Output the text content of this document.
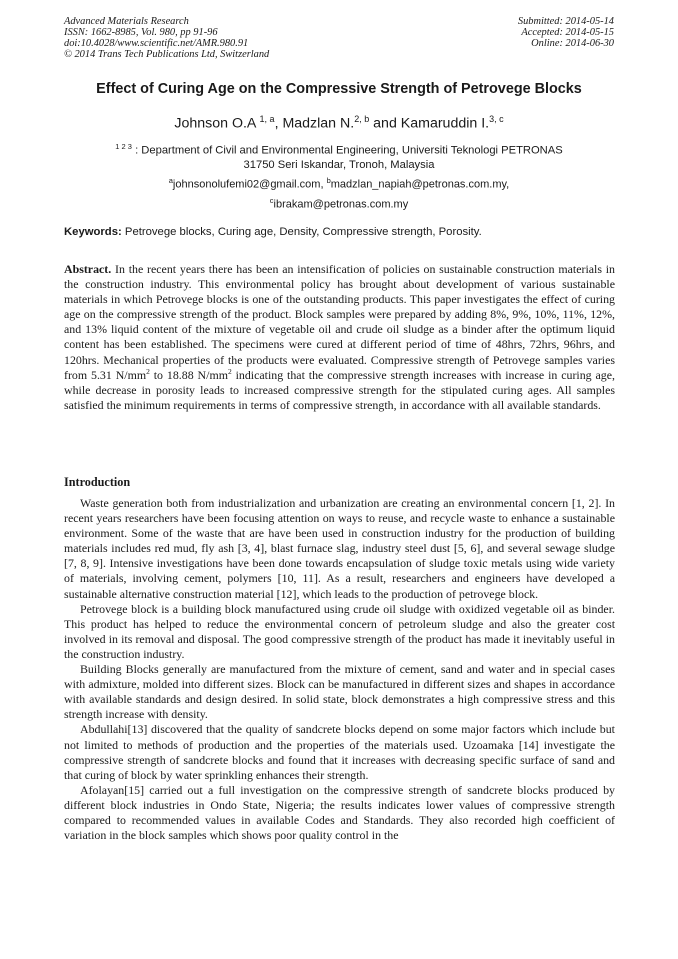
Advanced Materials Research
ISSN: 1662-8985, Vol. 980, pp 91-96
doi:10.4028/www.scientific.net/AMR.980.91
© 2014 Trans Tech Publications Ltd, Switzerland
Submitted: 2014-05-14
Accepted: 2014-05-15
Online: 2014-06-30
Effect of Curing Age on the Compressive Strength of Petrovege Blocks
Johnson O.A $^{1, a}$, Madzlan N.$^{2, b}$ and Kamaruddin I.$^{3, c}$
$^{1 2 3}$ : Department of Civil and Environmental Engineering, Universiti Teknologi PETRONAS
31750 Seri Iskandar, Tronoh, Malaysia
$^a$johnsonolufemi02@gmail.com, $^b$madzlan_napiah@petronas.com.my,
$^c$ibrakam@petronas.com.my
Keywords: Petrovege blocks, Curing age, Density, Compressive strength, Porosity.
Abstract. In the recent years there has been an intensification of policies on sustainable construction materials in the construction industry. This environmental policy has brought about development of various sustainable materials in which Petrovege blocks is one of the outstanding products. This paper investigates the effect of curing age on the compressive strength of the product. Block samples were prepared by adding 8%, 9%, 10%, 11%, 12%, and 13% liquid content of the mixture of vegetable oil and crude oil sludge as a binder after the optimum liquid content has been established. The specimens were cured at different period of time of 48hrs, 72hrs, 96hrs, and 120hrs. Mechanical properties of the products were evaluated. Compressive strength of Petrovege samples varies from 5.31 $N/mm^2$ to 18.88 $N/mm^2$ indicating that the compressive strength increases with increase in curing age, while decrease in porosity leads to increased compressive strength for the stipulated curing ages. All samples satisfied the minimum requirements in terms of compressive strength, in accordance with all available standards.
Introduction

Waste generation both from industrialization and urbanization are creating an environmental concern [1, 2]. In recent years researchers have been focusing attention on ways to reuse, and recycle waste to enhance a sustainable environment. Some of the waste that are have been used in construction industry for the production of building materials includes red mud, fly ash [3, 4], blast furnace slag, industry steel dust [5, 6], and several sewage sludge [7, 8, 9]. Intensive investigations have been done towards encapsulation of sludge toxic metals using wide variety of materials, involving cement, polymers [10, 11]. As a result, researchers and engineers have developed a sustainable alternative construction material [12], which leads to the production of petrovege block.

Petrovege block is a building block manufactured using crude oil sludge with oxidized vegetable oil as binder. This product has helped to reduce the environmental concern of petroleum sludge and also the greater cost involved in its removal and disposal. The good compressive strength of the product has made it inevitably useful in the construction industry.

Building Blocks generally are manufactured from the mixture of cement, sand and water and in special cases with admixture, molded into different sizes. Block can be manufactured in different sizes and shapes in accordance with available standards and design desired. In solid state, block demonstrates a high compressive stress and this strength increase with density.

Abdullahi[13] discovered that the quality of sandcrete blocks depend on some major factors which include but not limited to methods of production and the properties of the materials used. Uzoamaka [14] investigate the compressive strength of sandcrete blocks and found that it increases with decreasing specific surface of sand and that curing of block by water sprinkling enhances their strength.

Afolayan[15] carried out a full investigation on the compressive strength of sandcrete blocks produced by different block industries in Ondo State, Nigeria; the results indicates lower values of compressive strength compared to recommended values in available Codes and Standards. They also recorded high coefficient of variation in the block samples which shows poor quality control in the
